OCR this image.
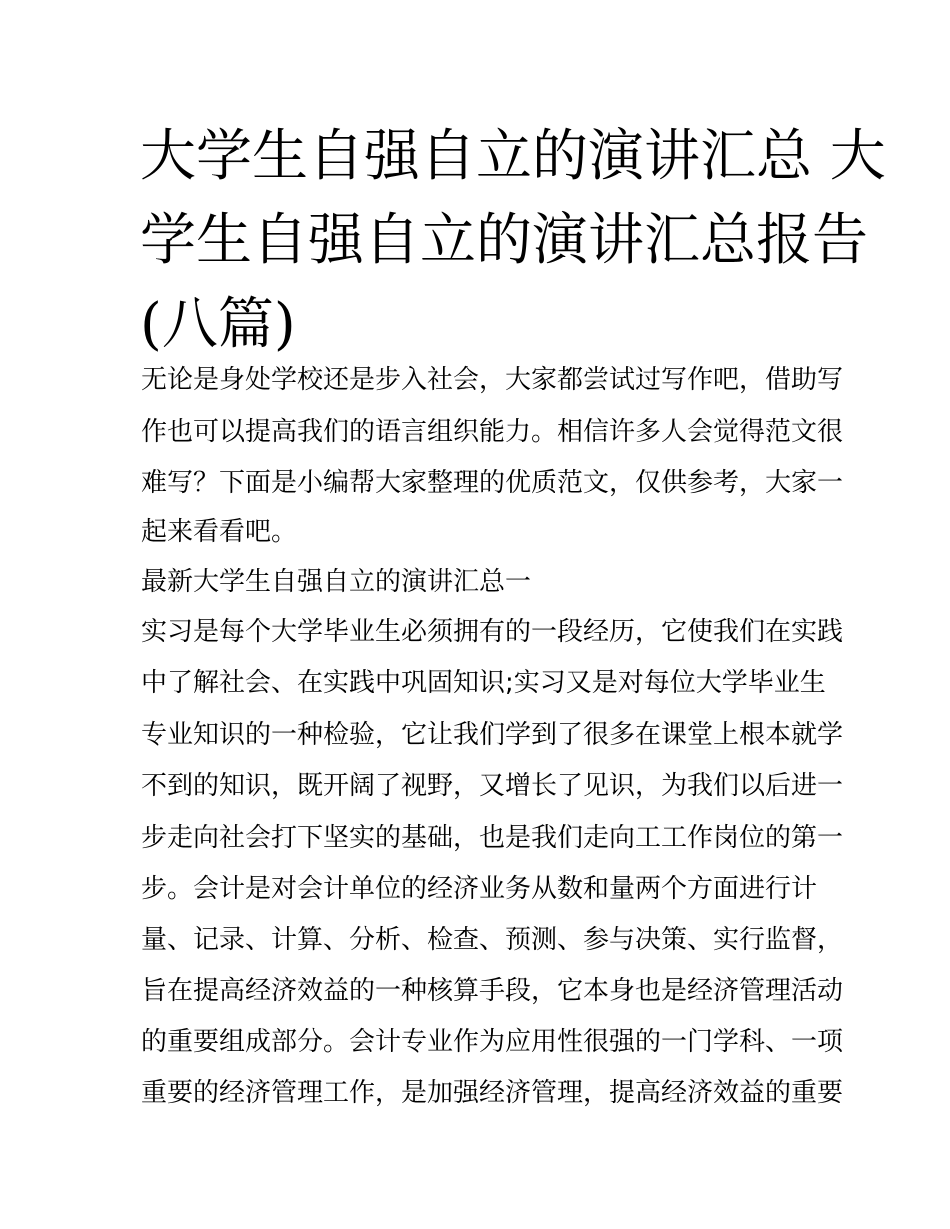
大学生自强自立的演讲汇总 大
学生自强自立的演讲汇总报告
(八篇)

无论是身处学校还是步入社会，大家都尝试过写作吧，借助写

作也可以提高我们的语言组织能力。相信许多人会觉得范文很

难写？下面是小编帮大家整理的优质范文，仅供参考，大家一

起来看看吧。

最新大学生自强自立的演讲汇总一

实习是每个大学毕业生必须拥有的一段经历，它使我们在实践

中了解社会、在实践中巩固知识;实习又是对每位大学毕业生

专业知识的一种检验，它让我们学到了很多在课堂上根本就学

不到的知识，既开阔了视野，又增长了见识，为我们以后进一

步走向社会打下坚实的基础，也是我们走向工工作岗位的第一

步。会计是对会计单位的经济业务从数和量两个方面进行计

量、记录、计算、分析、检查、预测、参与决策、实行监督，

旨在提高经济效益的一种核算手段，它本身也是经济管理活动

的重要组成部分。会计专业作为应用性很强的一门学科、一项

重要的经济管理工作，是加强经济管理，提高经济效益的重要
